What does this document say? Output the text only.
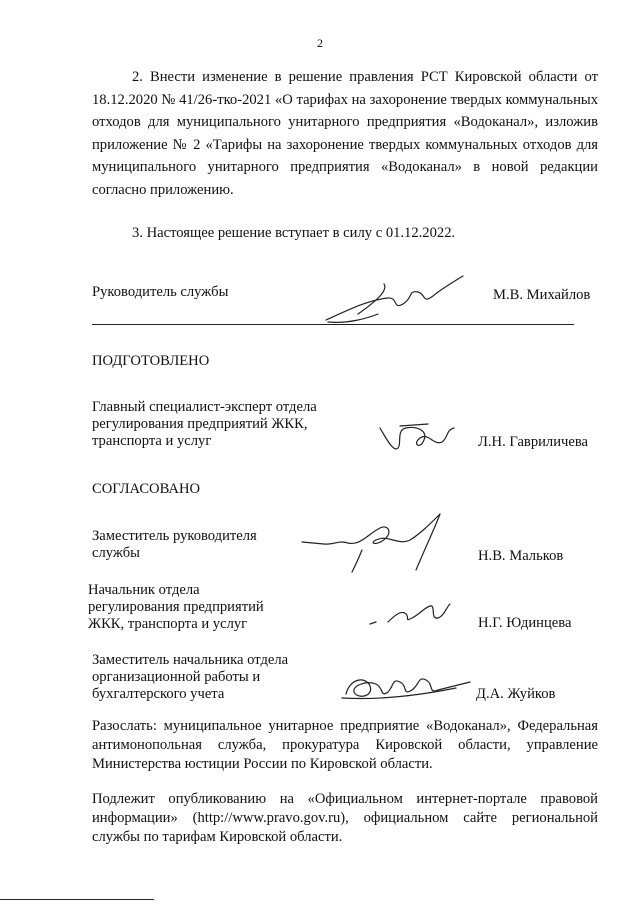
2
2. Внести изменение в решение правления РСТ Кировской области от 18.12.2020 № 41/26-тко-2021 «О тарифах на захоронение твердых коммунальных отходов для муниципального унитарного предприятия «Водоканал», изложив приложение № 2 «Тарифы на захоронение твердых коммунальных отходов для муниципального унитарного предприятия «Водоканал» в новой редакции согласно приложению.
3. Настоящее решение вступает в силу с 01.12.2022.
Руководитель службы	М.В. Михайлов
ПОДГОТОВЛЕНО
Главный специалист-эксперт отдела регулирования предприятий ЖКК, транспорта и услуг	Л.Н. Гавриличева
СОГЛАСОВАНО
Заместитель руководителя службы	Н.В. Мальков
Начальник отдела регулирования предприятий ЖКК, транспорта и услуг	Н.Г. Юдинцева
Заместитель начальника отдела организационной работы и бухгалтерского учета	Д.А. Жуйков
Разослать: муниципальное унитарное предприятие «Водоканал», Федеральная антимонопольная служба, прокуратура Кировской области, управление Министерства юстиции России по Кировской области.
Подлежит опубликованию на «Официальном интернет-портале правовой информации» (http://www.pravo.gov.ru), официальном сайте региональной службы по тарифам Кировской области.
